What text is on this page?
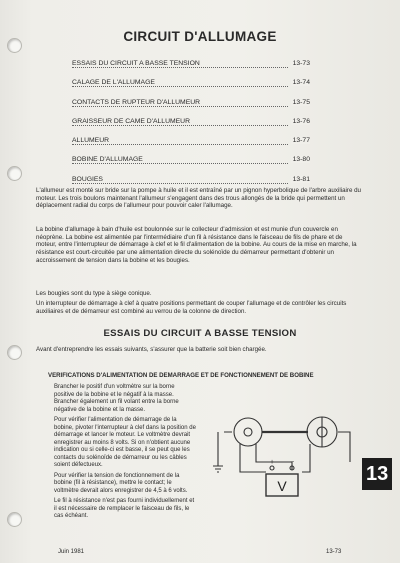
CIRCUIT D'ALLUMAGE
ESSAIS DU CIRCUIT A BASSE TENSION	13-73
CALAGE DE L'ALLUMAGE	13-74
CONTACTS DE RUPTEUR D'ALLUMEUR	13-75
GRAISSEUR DE CAME D'ALLUMEUR	13-76
ALLUMEUR	13-77
BOBINE D'ALLUMAGE	13-80
BOUGIES	13-81
L'allumeur est monté sur bride sur la pompe à huile et il est entraîné par un pignon hyperbolique de l'arbre auxiliaire du moteur. Les trois boulons maintenant l'allumeur s'engagent dans des trous allongés de la bride qui permettent un déplacement radial du corps de l'allumeur pour pouvoir caler l'allumage.
La bobine d'allumage à bain d'huile est boulonnée sur le collecteur d'admission et est munie d'un couvercle en néoprène. La bobine est alimentée par l'intermédiaire d'un fil à résistance dans le faisceau de fils de phare et de moteur, entre l'interrupteur de démarrage à clef et le fil d'alimentation de la bobine. Au cours de la mise en marche, la résistance est court-circuitée par une alimentation directe du solénoïde du démarreur permettant d'obtenir un accroissement de tension dans la bobine et les bougies.
Les bougies sont du type à siège conique.
Un interrupteur de démarrage à clef à quatre positions permettant de couper l'allumage et de contrôler les circuits auxiliaires et de démarreur est combiné au verrou de la colonne de direction.
ESSAIS DU CIRCUIT A BASSE TENSION
Avant d'entreprendre les essais suivants, s'assurer que la batterie soit bien chargée.
VERIFICATIONS D'ALIMENTATION DE DEMARRAGE ET DE FONCTIONNEMENT DE BOBINE

Brancher le positif d'un voltmètre sur la borne positive de la bobine et le négatif à la masse. Brancher également un fil volant entre la borne négative de la bobine et la masse.

Pour vérifier l'alimentation de démarrage de la bobine, pivoter l'interrupteur à clef dans la position de démarrage et lancer le moteur. Le voltmètre devrait enregistrer au moins 8 volts. Si on n'obtient aucune indication ou si celle-ci est basse, il se peut que les contacts du solénoïde de démarreur ou les câbles soient défectueux.

Pour vérifier la tension de fonctionnement de la bobine (fil à résistance), mettre le contact; le voltmètre devrait alors enregistrer de 4,5 à 6 volts.

Le fil à résistance n'est pas fourni individuellement et il est nécessaire de remplacer le faisceau de fils, le cas échéant.

V
+ −
13
Juin 1981	13-73
